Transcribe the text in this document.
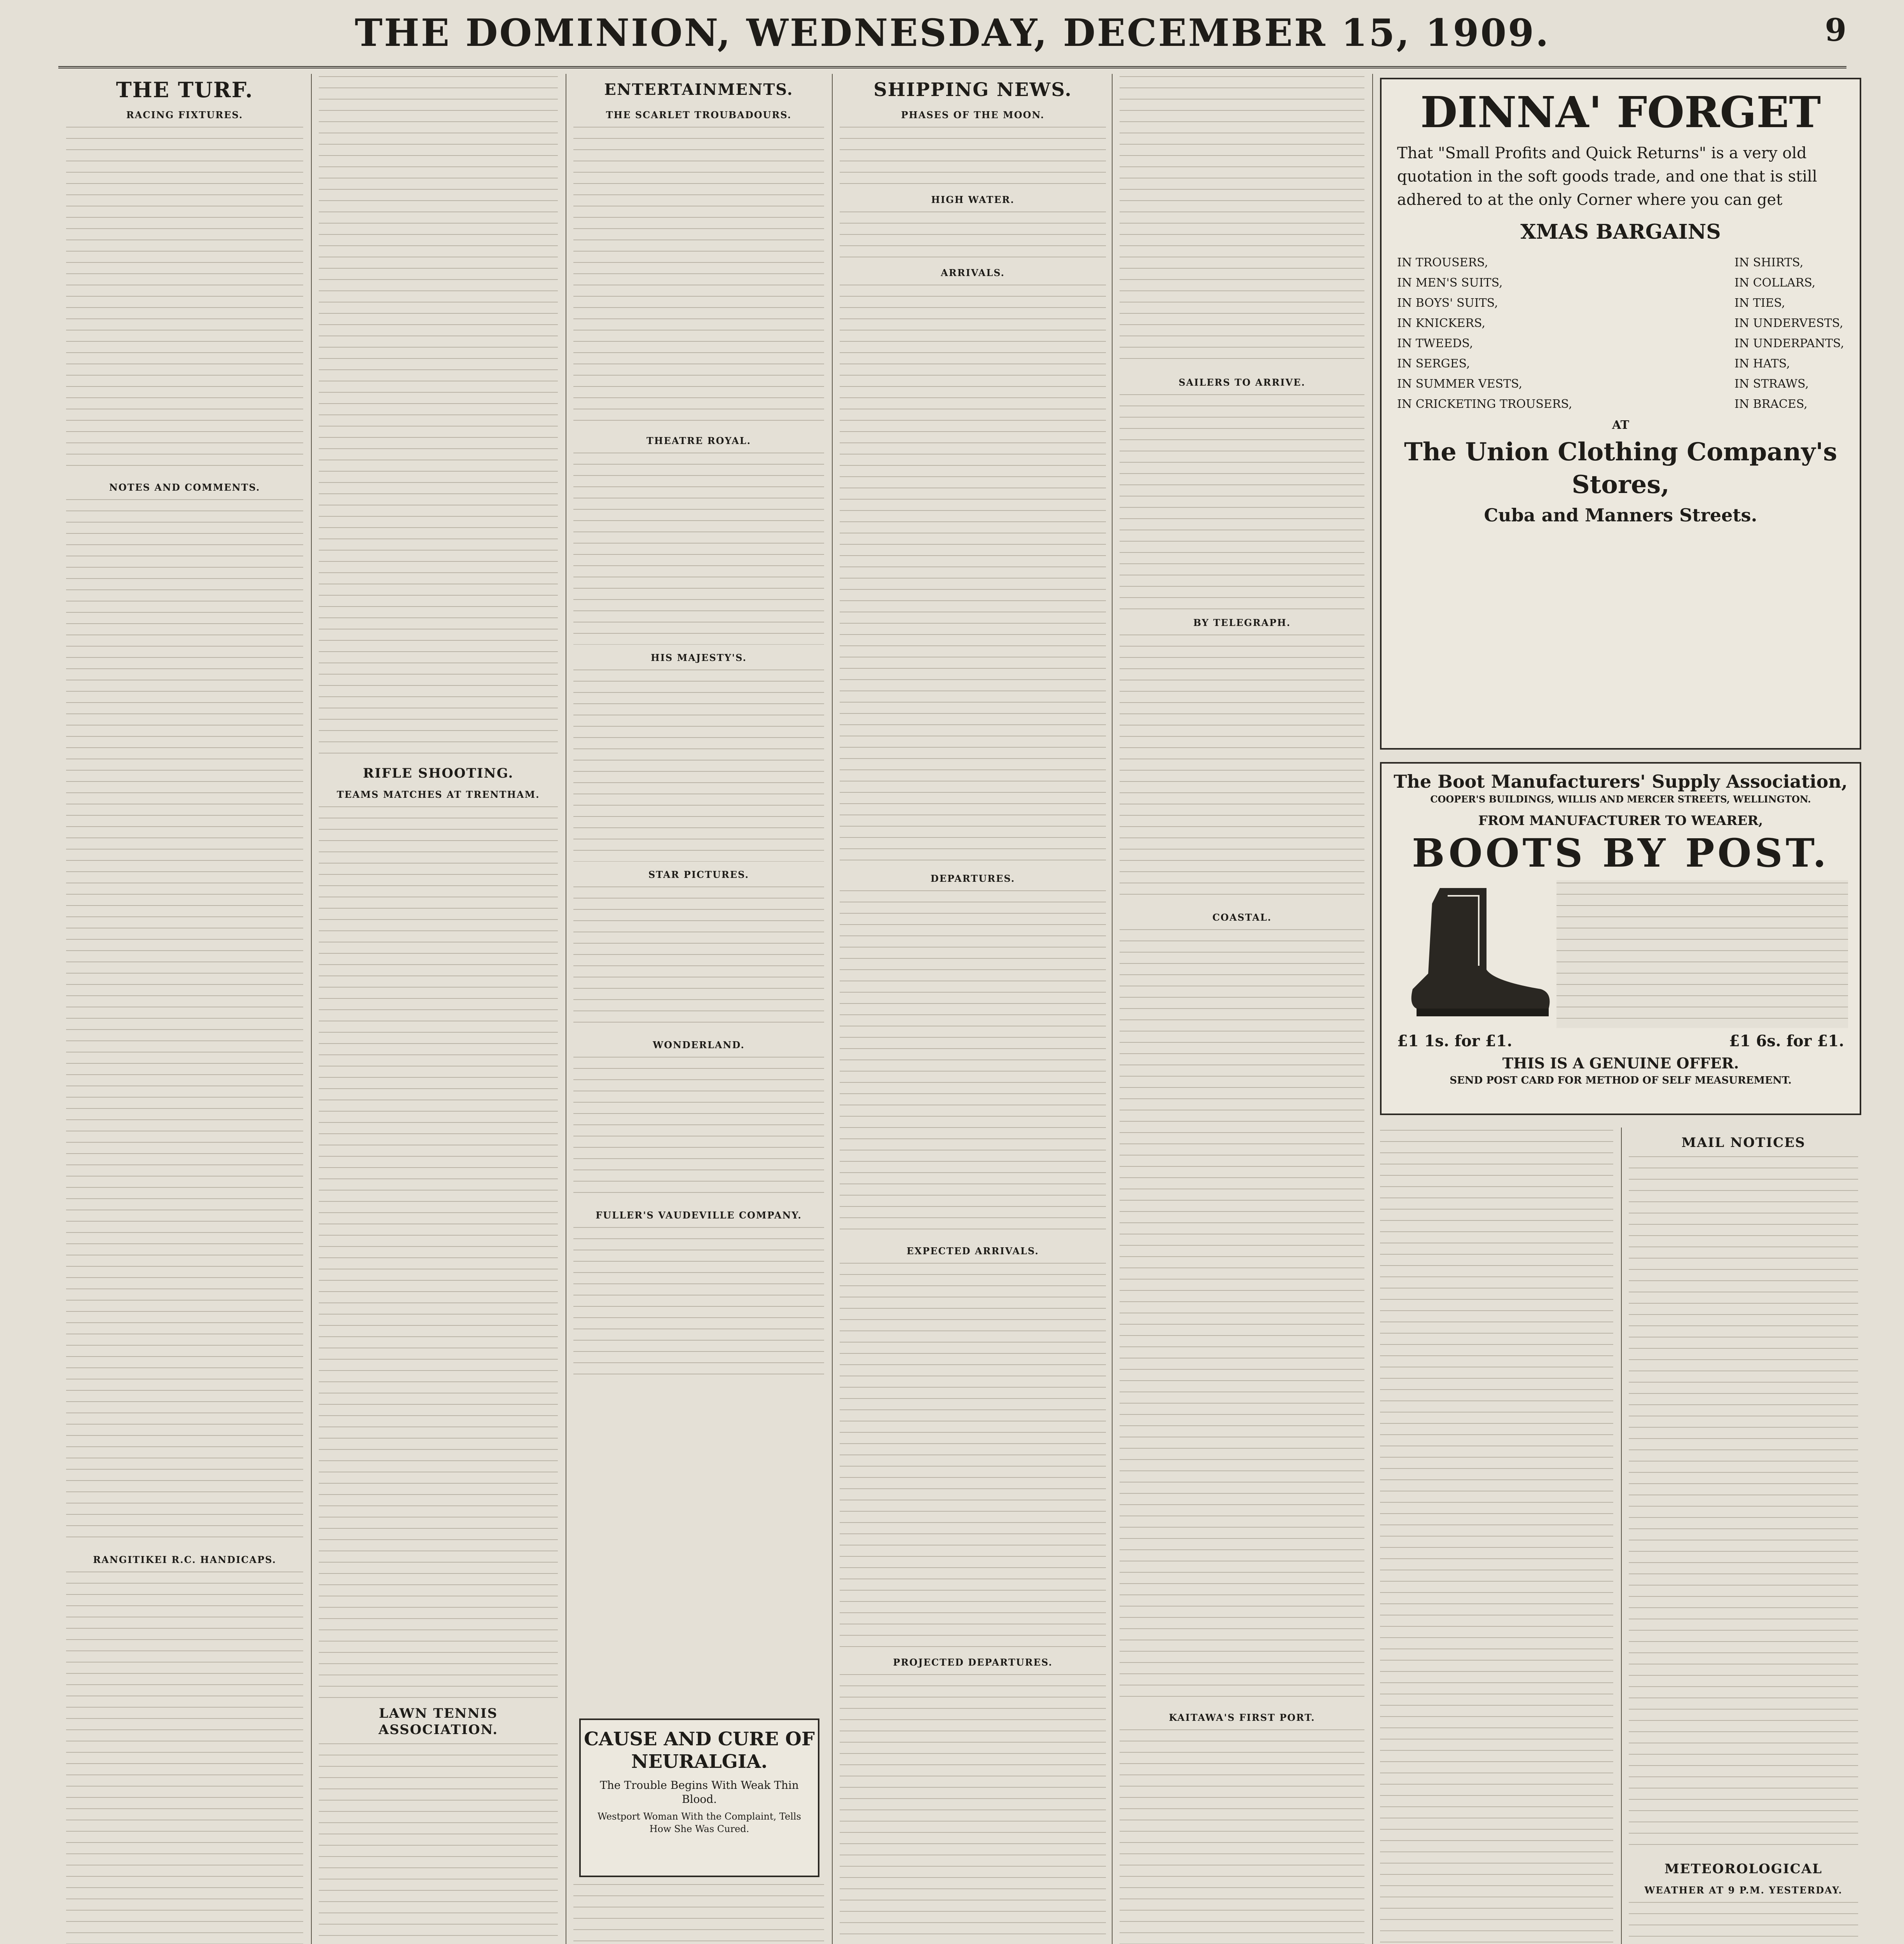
THE DOMINION, WEDNESDAY, DECEMBER 15, 1909.	9
THE TURF.
RACING FIXTURES.
NOTES AND COMMENTS.
RANGITIKEI R.C. HANDICAPS.
RIFLE SHOOTING.
TEAMS MATCHES AT TRENTHAM.
LAWN TENNIS ASSOCIATION.
ENTERTAINMENTS.
THE SCARLET TROUBADOURS.
THEATRE ROYAL.
HIS MAJESTY'S.
STAR PICTURES.
WONDERLAND.
FULLER'S VAUDEVILLE COMPANY.
CAUSE AND CURE OF NEURALGIA.
The Trouble Begins With Weak Thin Blood.
Westport Woman With the Complaint, Tells How She Was Cured.
SHIPPING NEWS.
PHASES OF THE MOON.
HIGH WATER.
ARRIVALS.
DEPARTURES.
EXPECTED ARRIVALS.
PROJECTED DEPARTURES.
SAILERS TO ARRIVE.
BY TELEGRAPH.
COASTAL.
KAITAWA'S FIRST PORT.
DINNA' FORGET
That "Small Profits and Quick Returns" is a very old quotation in the soft goods trade, and one that is still adhered to at the only Corner where you can get
XMAS BARGAINS
IN TROUSERS,
IN MEN'S SUITS,
IN BOYS' SUITS,
IN KNICKERS,
IN TWEEDS,
IN SERGES,
IN SUMMER VESTS,
IN CRICKETING TROUSERS,
IN SHIRTS,
IN COLLARS,
IN TIES,
IN UNDERVESTS,
IN UNDERPANTS,
IN HATS,
IN STRAWS,
IN BRACES,
AT
The Union Clothing Company's Stores,
Cuba and Manners Streets.
The Boot Manufacturers' Supply Association,
COOPER'S BUILDINGS, WILLIS AND MERCER STREETS, WELLINGTON.
FROM MANUFACTURER TO WEARER,
BOOTS BY POST.
£1 1s. for £1.	£1 6s. for £1.
THIS IS A GENUINE OFFER.
SEND POST CARD FOR METHOD OF SELF MEASUREMENT.
MAIL NOTICES
METEOROLOGICAL
WEATHER AT 9 P.M. YESTERDAY.
